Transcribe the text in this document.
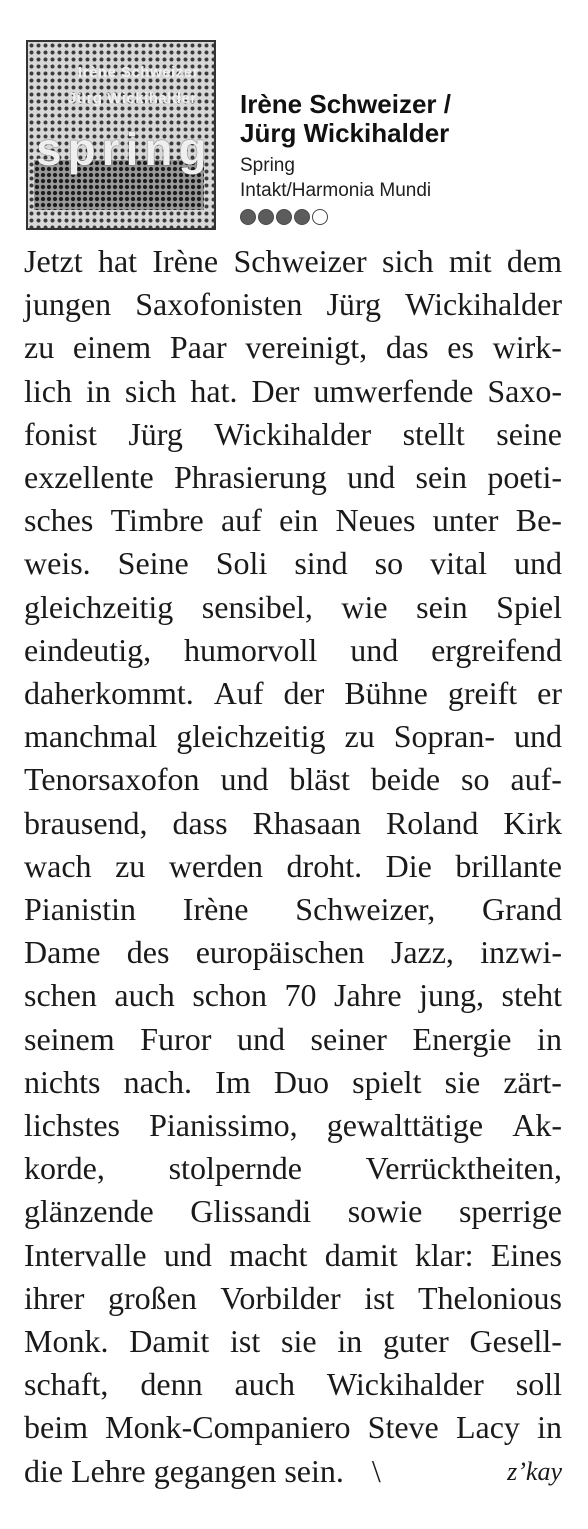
Irène Schweizer
Jürg Wickihalder
spring
Irène Schweizer /
Jürg Wickihalder
Spring
Intakt/Harmonia Mundi
Jetzt hat Irène Schweizer sich mit dem
jungen Saxofonisten Jürg Wickihalder
zu einem Paar vereinigt, das es wirk-
lich in sich hat. Der umwerfende Saxo-
fonist Jürg Wickihalder stellt seine
exzellente Phrasierung und sein poeti-
sches Timbre auf ein Neues unter Be-
weis. Seine Soli sind so vital und
gleichzeitig sensibel, wie sein Spiel
eindeutig, humorvoll und ergreifend
daherkommt. Auf der Bühne greift er
manchmal gleichzeitig zu Sopran- und
Tenorsaxofon und bläst beide so auf-
brausend, dass Rhasaan Roland Kirk
wach zu werden droht. Die brillante
Pianistin Irène Schweizer, Grand
Dame des europäischen Jazz, inzwi-
schen auch schon 70 Jahre jung, steht
seinem Furor und seiner Energie in
nichts nach. Im Duo spielt sie zärt-
lichstes Pianissimo, gewalttätige Ak-
korde, stolpernde Verrücktheiten,
glänzende Glissandi sowie sperrige
Intervalle und macht damit klar: Eines
ihrer großen Vorbilder ist Thelonious
Monk. Damit ist sie in guter Gesell-
schaft, denn auch Wickihalder soll
beim Monk-Companiero Steve Lacy in
die Lehre gegangen sein. \	z’kay
